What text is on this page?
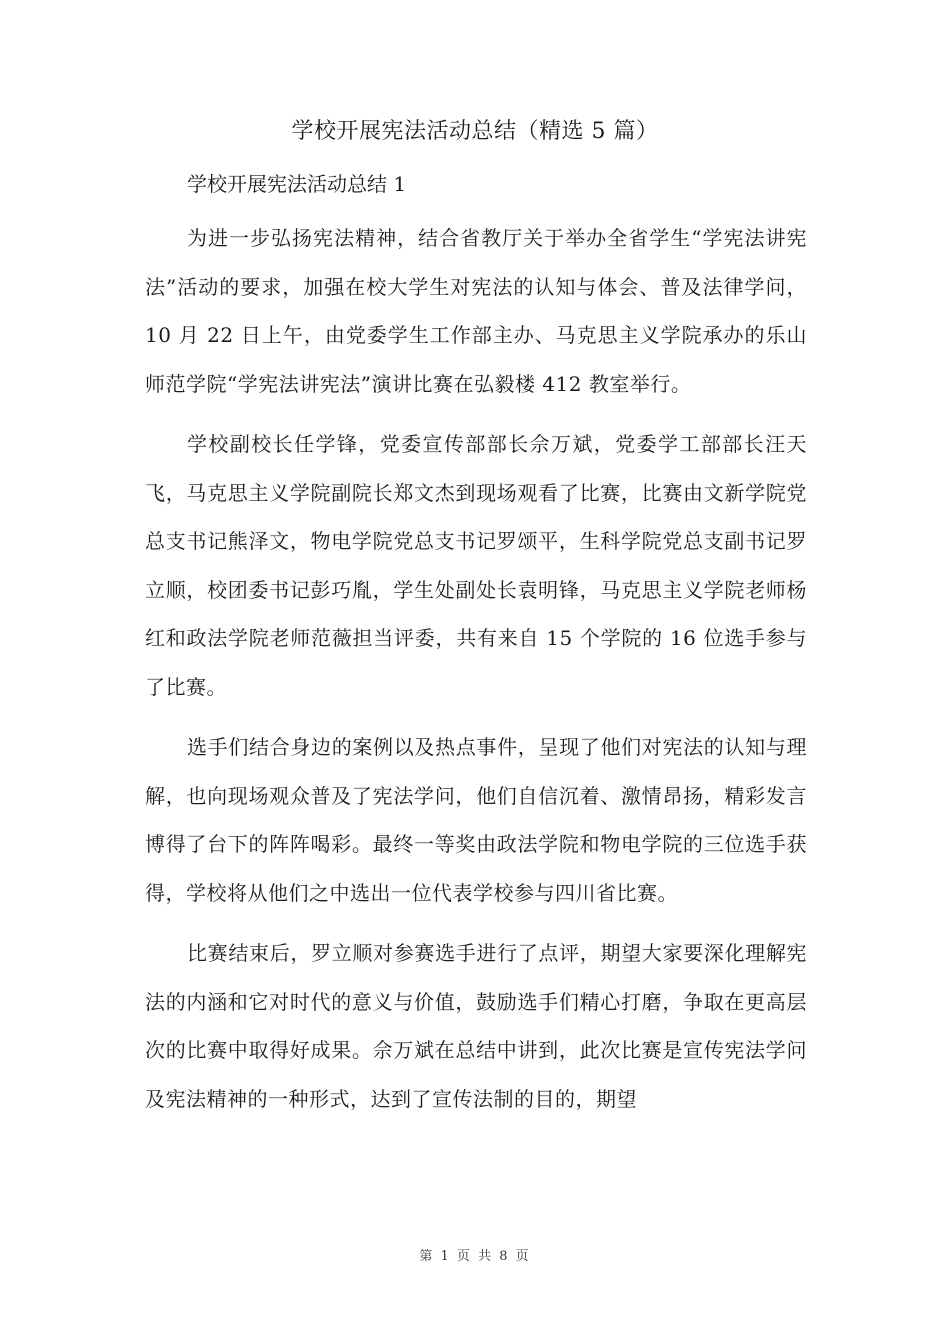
学校开展宪法活动总结（精选 5 篇）

学校开展宪法活动总结 1

为进一步弘扬宪法精神，结合省教厅关于举办全省学生“学宪法讲宪法”活动的要求，加强在校大学生对宪法的认知与体会、普及法律学问，10 月 22 日上午，由党委学生工作部主办、马克思主义学院承办的乐山师范学院“学宪法讲宪法”演讲比赛在弘毅楼 412 教室举行。

学校副校长任学锋，党委宣传部部长佘万斌，党委学工部部长汪天飞，马克思主义学院副院长郑文杰到现场观看了比赛，比赛由文新学院党总支书记熊泽文，物电学院党总支书记罗颂平，生科学院党总支副书记罗立顺，校团委书记彭巧胤，学生处副处长袁明锋，马克思主义学院老师杨红和政法学院老师范薇担当评委，共有来自 15 个学院的 16 位选手参与了比赛。

选手们结合身边的案例以及热点事件，呈现了他们对宪法的认知与理解，也向现场观众普及了宪法学问，他们自信沉着、激情昂扬，精彩发言博得了台下的阵阵喝彩。最终一等奖由政法学院和物电学院的三位选手获得，学校将从他们之中选出一位代表学校参与四川省比赛。

比赛结束后，罗立顺对参赛选手进行了点评，期望大家要深化理解宪法的内涵和它对时代的意义与价值，鼓励选手们精心打磨，争取在更高层次的比赛中取得好成果。佘万斌在总结中讲到，此次比赛是宣传宪法学问及宪法精神的一种形式，达到了宣传法制的目的，期望

第 1 页 共 8 页
